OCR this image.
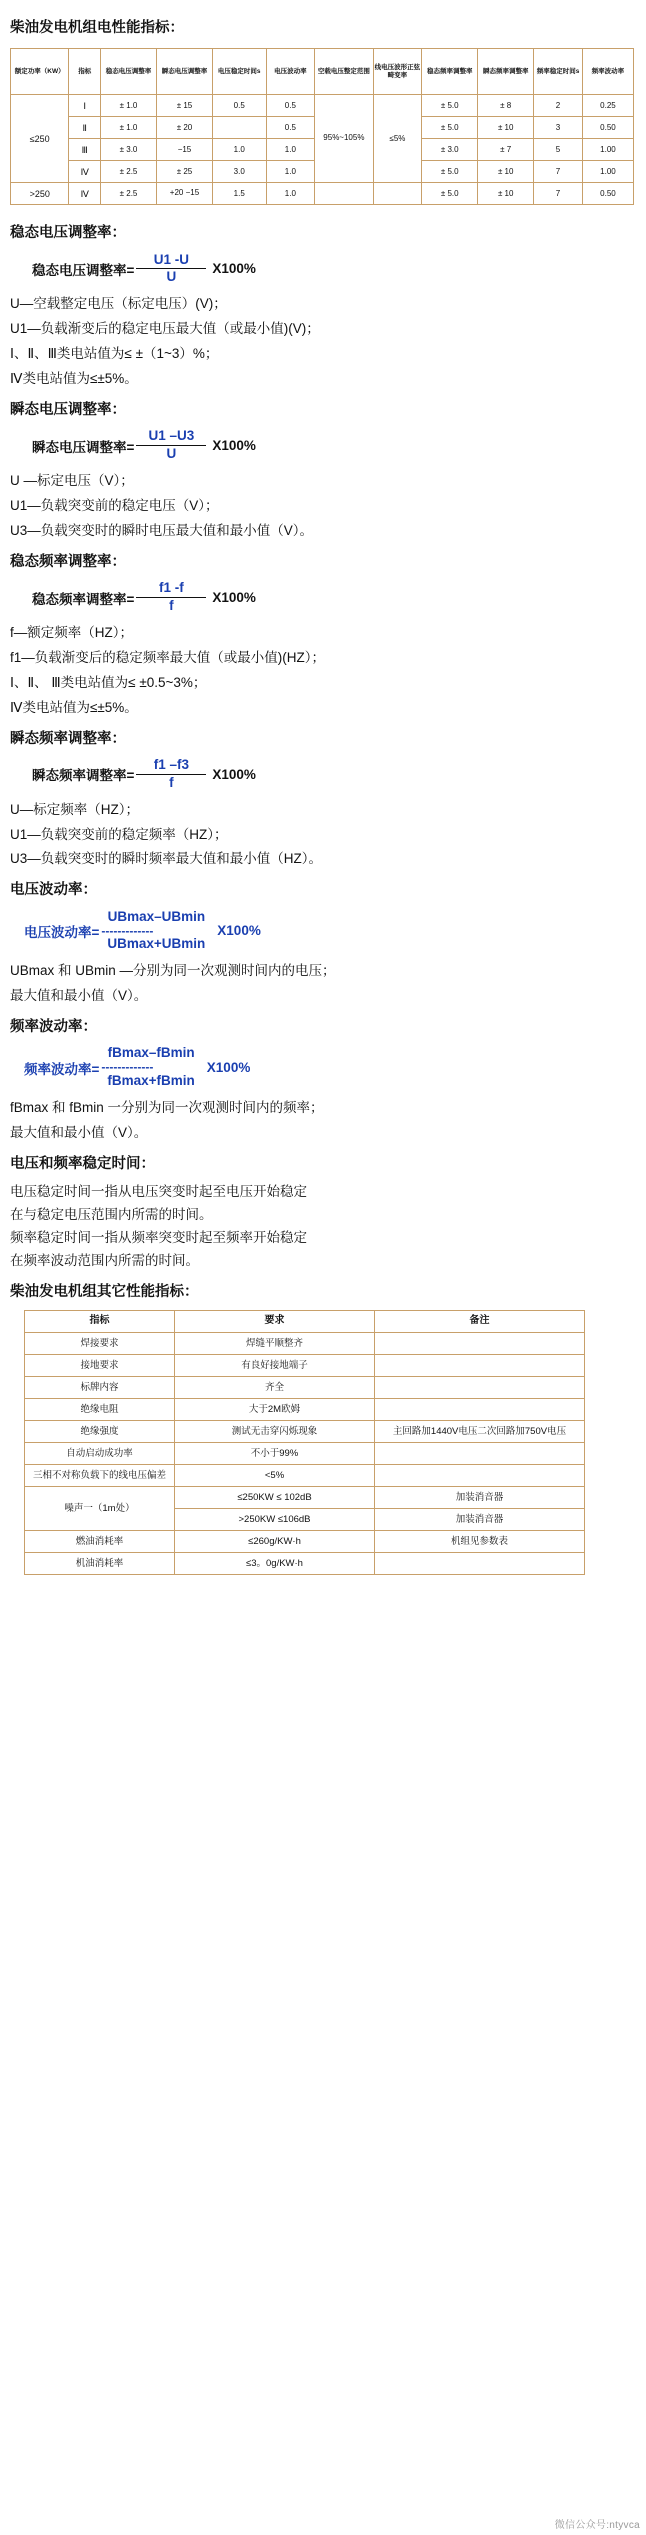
柴油发电机组电性能指标：
额定功率（KW）	指标	稳态电压调整率	瞬态电压调整率	电压稳定时间s	电压波动率	空载电压整定范围	线电压波形正弦畸变率	稳态频率调整率	瞬态频率调整率	频率稳定时间s	频率波动率
≤250	Ⅰ	± 1.0	± 15	0.5	0.5	95%~105%	≤5%	± 5.0	± 8	2	0.25
	Ⅱ	± 1.0	± 20		0.5			± 5.0	± 10	3	0.50
	Ⅲ	± 3.0	−15	1.0	1.0			± 3.0	± 7	5	1.00
	Ⅳ	± 2.5	± 25	3.0	1.0			± 5.0	± 10	7	1.00
>250	Ⅳ	± 2.5	+20 −15	1.5	1.0			± 5.0	± 10	7	0.50
稳态电压调整率：
稳态电压调整率= $\frac{U1 -U}{U} X100\%$

U—空载整定电压（标定电压）(V)；

U1—负载渐变后的稳定电压最大值（或最小值)(V)；

Ⅰ、Ⅱ、Ⅲ类电站值为≤ ±（1~3）%；

Ⅳ类电站值为≤±5%。

瞬态电压调整率：
瞬态电压调整率= $\frac{U1 -U3}{U} X100\%$

U —标定电压（V）；

U1—负载突变前的稳定电压（V）；

U3—负载突变时的瞬时电压最大值和最小值（V）。

稳态频率调整率：
稳态频率调整率= $\frac{f1 -f}{f} X100\%$

f—额定频率（HZ）；

f1—负载渐变后的稳定频率最大值（或最小值)(HZ）；

Ⅰ、Ⅱ、 Ⅲ类电站值为≤ ±0.5~3%；

Ⅳ类电站值为≤±5%。

瞬态频率调整率：
瞬态频率调整率= $\frac{f1 -f3}{f} X100\%$

U—标定频率（HZ）；

U1—负载突变前的稳定频率（HZ）；

U3—负载突变时的瞬时频率最大值和最小值（HZ）。

电压波动率：
电压波动率=
UBmax–UBmin
-------------
UBmax+UBmin
X100%

UBmax 和 UBmin —分别为同一次观测时间内的电压；

最大值和最小值（V）。

频率波动率：
频率波动率=
fBmax–fBmin
-------------
fBmax+fBmin
X100%

fBmax 和 fBmin 一分别为同一次观测时间内的频率；

最大值和最小值（V）。

电压和频率稳定时间：

电压稳定时间一指从电压突变时起至电压开始稳定

在与稳定电压范围内所需的时间。

频率稳定时间一指从频率突变时起至频率开始稳定

在频率波动范围内所需的时间。

柴油发电机组其它性能指标：
指标	要求	备注
焊接要求	焊缝平顺整齐	
接地要求	有良好接地端子	
标牌内容	齐全	
绝缘电阻	大于2M欧姆	
绝缘强度	测试无击穿闪烁现象	主回路加1440V电压二次回路加750V电压
自动启动成功率	不小于99%	
三相不对称负载下的线电压偏差	<5%	
噪声一（1m处）	≤250KW ≤ 102dB	加装消音器
	>250KW ≤106dB	加装消音器
燃油消耗率	≤260g/KW·h	机组见参数表
机油消耗率	≤3。0g/KW·h	
微信公众号:ntyvca
